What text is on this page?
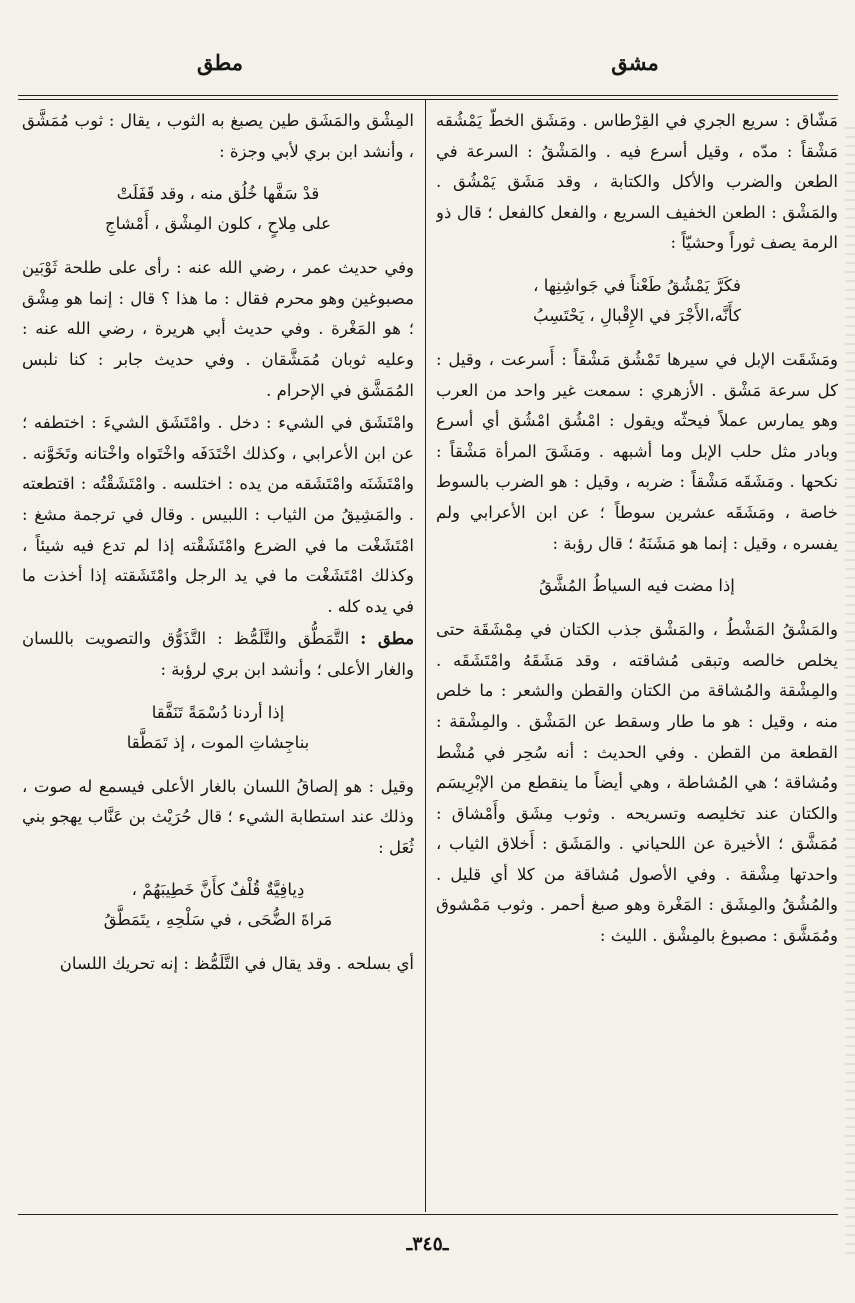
مشق
مطق

مَشّاق : سريع الجري في القِرْطاس . ومَشَق الخطّ يَمْشُقه مَشْقاً : مدّه ، وقيل أسرع فيه . والمَشْقُ : السرعة في الطعن والضرب والأكل والكتابة ، وقد مَشَق يَمْشُق . والمَشْق : الطعن الخفيف السريع ، والفعل كالفعل ؛ قال ذو الرمة يصف ثوراً وحشيّاً :

فكَرَّ يَمْشُقُ طَعْناً في جَواشِنِها ،
كأَنَّه،الأَجْرَ في الإِقْبالِ ، يَحْتَسِبُ

ومَشَقَت الإبل في سيرها تَمْشُق مَشْقاً : أَسرعت ، وقيل : كل سرعة مَشْق . الأزهري : سمعت غير واحد من العرب وهو يمارس عملاً فيحثّه ويقول : امْشُق امْشُق أي أسرع وبادر مثل حلب الإبل وما أشبهه . ومَشَقَ المرأة مَشْقاً : نكحها . ومَشَقَه مَشْقاً : ضربه ، وقيل : هو الضرب بالسوط خاصة ، ومَشَقَه عشرين سوطاً ؛ عن ابن الأعرابي ولم يفسره ، وقيل : إنما هو مَشَنَهُ ؛ قال رؤبة :

إذا مضت فيه السياطُ المُشَّقُ

والمَشْقُ المَشْطُ ، والمَشْق جذب الكتان في مِمْشَقَة حتى يخلص خالصه وتبقى مُشاقته ، وقد مَشَقَهُ وامْتَشَقَه . والمِشْقة والمُشاقة من الكتان والقطن والشعر : ما خلص منه ، وقيل : هو ما طار وسقط عن المَشْق . والمِشْقة : القطعة من القطن . وفي الحديث : أنه سُحِر في مُشْط ومُشاقة ؛ هي المُشاطة ، وهي أيضاً ما ينقطع من الإبْرِيسَم والكتان عند تخليصه وتسريحه . وثوب مِشَق وأَمْشاق : مُمَشَّق ؛ الأخيرة عن اللحياني . والمَشَق : أَخلاق الثياب ، واحدتها مِشْقة . وفي الأصول مُشاقة من كلا أي قليل . والمُشُقُ والمِشَق : المَغْرة وهو صبغ أحمر . وثوب مَمْشوق ومُمَشَّق : مصبوغ بالمِشْق . الليث :

المِشْق والمَشَق طين يصبغ به الثوب ، يقال : ثوب مُمَشَّق ، وأنشد ابن بري لأبي وجزة :

قدْ سَفَّها خُلُق منه ، وقد قَفَلَتْ
على مِلاحٍ ، كلون المِشْق ، أَمْشاجِ

وفي حديث عمر ، رضي الله عنه : رأى على طلحة ثَوْبَين مصبوغين وهو محرم فقال : ما هذا ؟ قال : إنما هو مِشْق ؛ هو المَغْرة . وفي حديث أبي هريرة ، رضي الله عنه : وعليه ثوبان مُمَشَّقان . وفي حديث جابر : كنا نلبس المُمَشَّق في الإحرام .

وامْتَشَق في الشيء : دخل . وامْتَشَق الشيءَ : اختطفه ؛ عن ابن الأعرابي ، وكذلك اخْتَدَفَه واخْتَواه واخْتانه وتَخَوَّنه . وامْتَشَنَه وامْتَشَقه من يده : اختلسه . وامْتَشَقْتُه : اقتطعته . والمَشِيقُ من الثياب : اللبيس . وقال في ترجمة مشغ : امْتَشَغْت ما في الضرع وامْتَشَقْته إذا لم تدع فيه شيئاً ، وكذلك امْتَشَغْت ما في يد الرجل وامْتَشَقته إذا أخذت ما في يده كله .

مطق : التَّمَطُّق والتَّلَمُّظ : التَّذَوُّق والتصويت باللسان والغار الأعلى ؛ وأنشد ابن بري لرؤبة :

إذا أردنا دُسْمَةً تَنَفَّقا
بناجِشاتِ الموت ، إذ تَمَطَّقا

وقيل : هو إلصاقُ اللسان بالغار الأعلى فيسمع له صوت ، وذلك عند استطابة الشيء ؛ قال حُرَيْث بن عَنَّاب يهجو بني ثُعَل :

دِيافِيَّةٌ قُلْفٌ كأَنَّ خَطِيبَهُمْ ،
مَراةَ الضُّحَى ، في سَلْحِهِ ، يتَمَطَّقُ

أي بسلحه . وقد يقال في التَّلَمُّظ : إنه تحريك اللسان

ـ٣٤٥ـ
